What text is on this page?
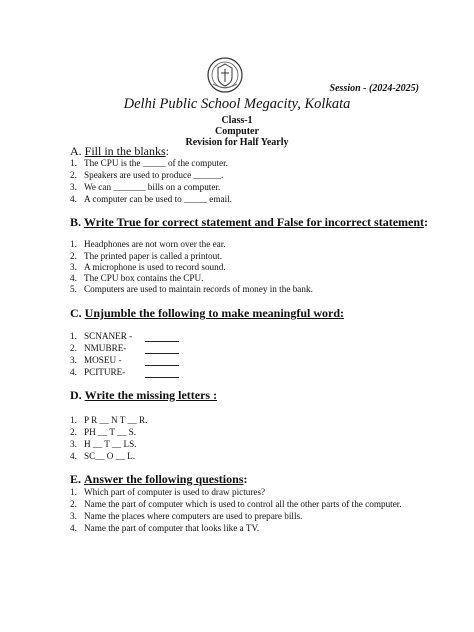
Session - (2024-2025)
Delhi Public School Megacity, Kolkata
Class-1
Computer
Revision for Half Yearly
A. Fill in the blanks:
1. The CPU is the _____ of the computer.
2. Speakers are used to produce ______.
3. We can _______ bills on a computer.
4. A computer can be used to _____ email.
B. Write True for correct statement and False for incorrect statement:
1. Headphones are not worn over the ear.
2. The printed paper is called a printout.
3. A microphone is used to record sound.
4. The CPU box contains the CPU.
5. Computers are used to maintain records of money in the bank.
C. Unjumble the following to make meaningful word:
1. SCNANER -
2. NMUBRE-
3. MOSEU -
4. PCITURE-
D. Write the missing letters :
1. P R __ N T __ R.
2. PH __ T __ S.
3. H __ T __ LS.
4. SC__ O __ L.
E. Answer the following questions:
1. Which part of computer is used to draw pictures?
2. Name the part of computer which is used to control all the other parts of the computer.
3. Name the places where computers are used to prepare bills.
4. Name the part of computer that looks like a TV.
